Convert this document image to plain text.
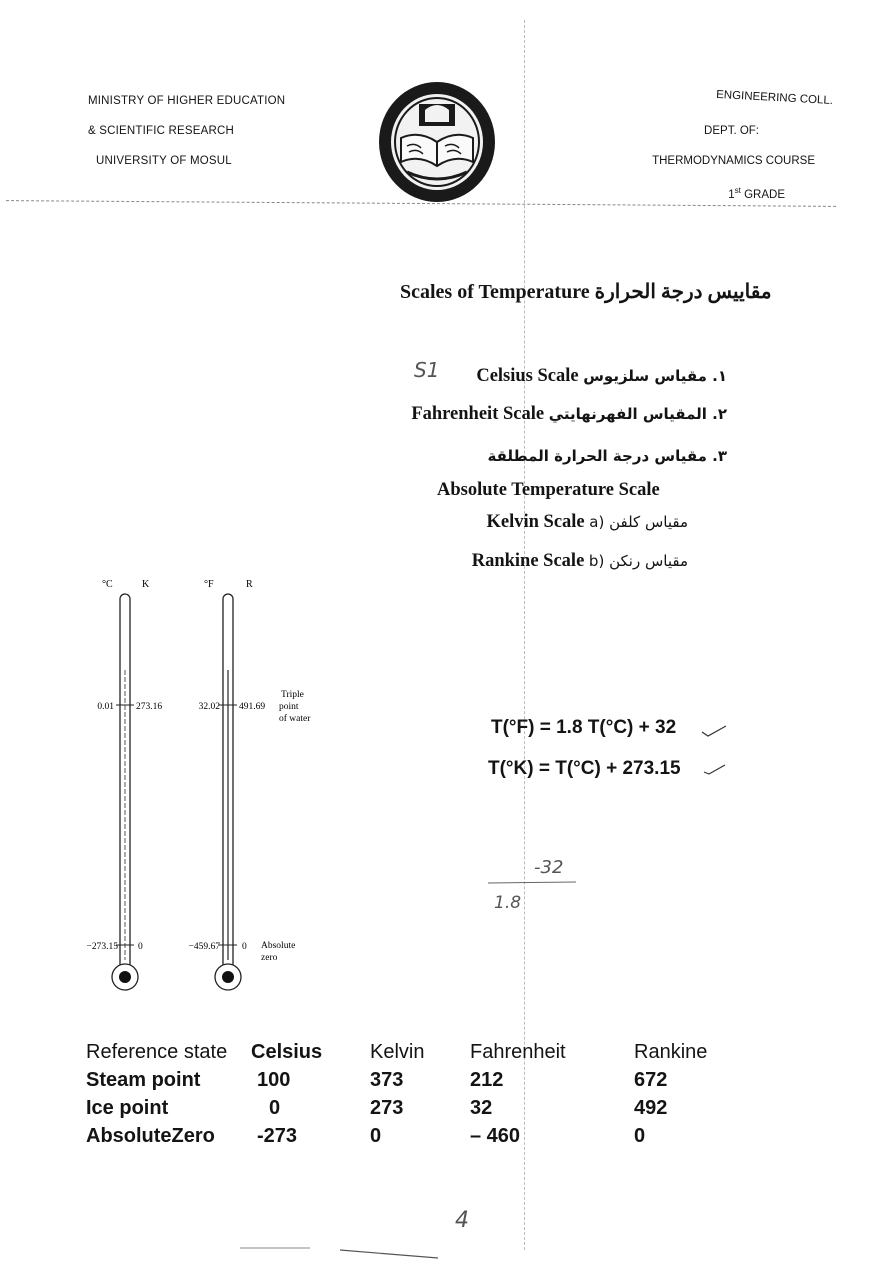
MINISTRY OF HIGHER EDUCATION
& SCIENTIFIC RESEARCH
UNIVERSITY OF MOSUL
ENGINEERING COLL.
DEPT. OF:
THERMODYNAMICS COURSE
1st GRADE
Scales of Temperature مقاييس درجة الحرارة
S1 Celsius Scale ١. مقياس سلزيوس
Fahrenheit Scale ٢. المقياس الفهرنهايتي
٣. مقياس درجة الحرارة المطلقة
Absolute Temperature Scale
Kelvin Scale a) مقياس كلفن
Rankine Scale b) مقياس رنكن
°C	K
0.01 273.16
−273.15 0
°F	R
32.02 491.69
−459.67 0
Triple
point
of water
Absolute
zero
T(°F) = 1.8 T(°C) + 32
T(°K) = T(°C) + 273.15
-32
1.8
Reference state	Celsius	Kelvin	Fahrenheit	Rankine
Steam point	100	373	212	672
Ice point	0	273	32	492
AbsoluteZero	-273	0	– 460	0
4
